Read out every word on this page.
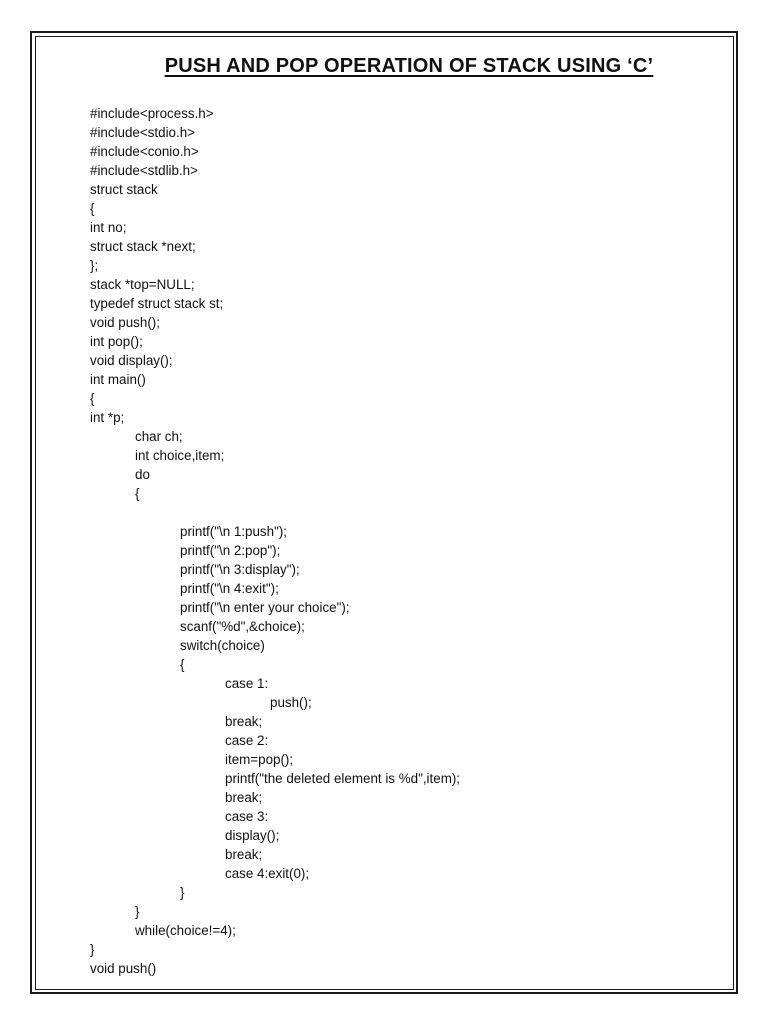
PUSH AND POP OPERATION OF STACK USING ‘C’
#include<process.h>
#include<stdio.h>
#include<conio.h>
#include<stdlib.h>
struct stack
{
int no;
struct stack *next;
};
stack *top=NULL;
typedef struct stack st;
void push();
int pop();
void display();
int main()
{
int *p;
char ch;
int choice,item;
do
{
printf("\n 1:push");
printf("\n 2:pop");
printf("\n 3:display");
printf("\n 4:exit");
printf("\n enter your choice");
scanf("%d",&choice);
switch(choice)
{
case 1:
push();
break;
case 2:
item=pop();
printf("the deleted element is %d",item);
break;
case 3:
display();
break;
case 4:exit(0);
}
}
while(choice!=4);
}
void push()
